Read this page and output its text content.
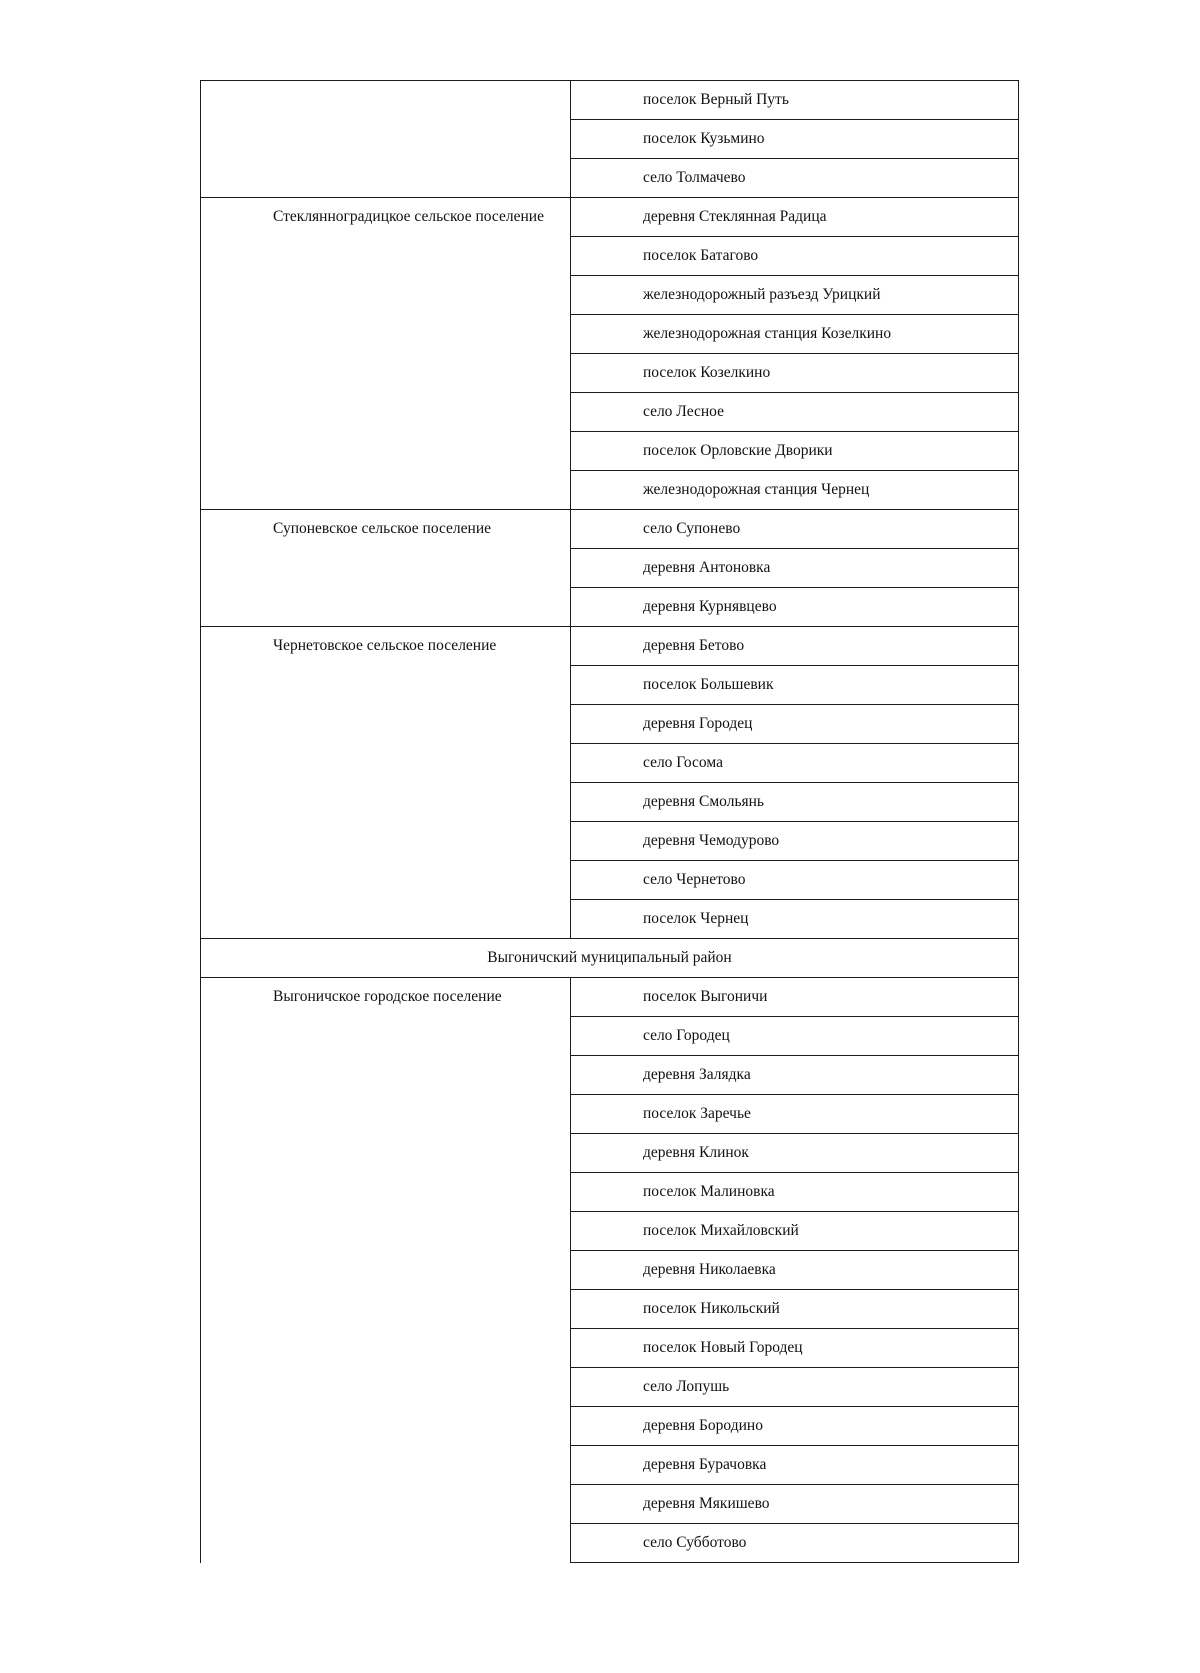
	поселок Верный Путь
	поселок Кузьмино
	село Толмачево
Стеклянноградицкое сельское поселение	деревня Стеклянная Радица
	поселок Батагово
	железнодорожный разъезд Урицкий
	железнодорожная станция Козелкино
	поселок Козелкино
	село Лесное
	поселок Орловские Дворики
	железнодорожная станция Чернец
Супоневское сельское поселение	село Супонево
	деревня Антоновка
	деревня Курнявцево
Чернетовское сельское поселение	деревня Бетово
	поселок Большевик
	деревня Городец
	село Госома
	деревня Смольянь
	деревня Чемодурово
	село Чернетово
	поселок Чернец
Выгоничский муниципальный район	
Выгоничское городское поселение	поселок Выгоничи
	село Городец
	деревня Залядка
	поселок Заречье
	деревня Клинок
	поселок Малиновка
	поселок Михайловский
	деревня Николаевка
	поселок Никольский
	поселок Новый Городец
	село Лопушь
	деревня Бородино
	деревня Бурачовка
	деревня Мякишево
	село Субботово
